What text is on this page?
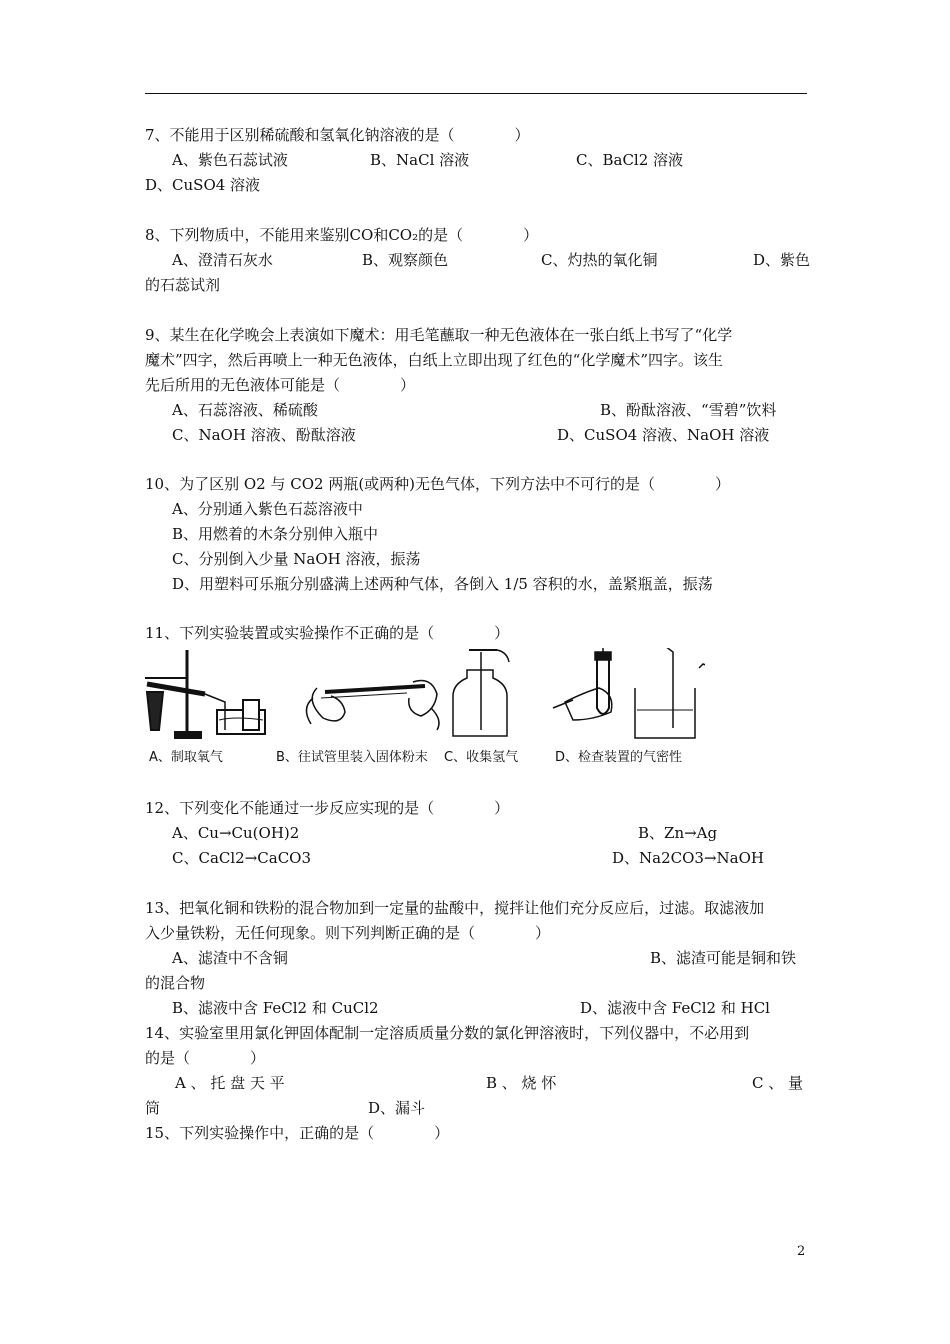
7、不能用于区别稀硫酸和氢氧化钠溶液的是（　　　　）
A、紫色石蕊试液	B、NaCl 溶液	C、BaCl2 溶液
D、CuSO4 溶液
8、下列物质中，不能用来鉴别CO和CO₂的是（　　　　）
A、澄清石灰水	B、观察颜色	C、灼热的氧化铜	D、紫色
的石蕊试剂
9、某生在化学晚会上表演如下魔术：用毛笔蘸取一种无色液体在一张白纸上书写了“化学
魔术”四字，然后再喷上一种无色液体，白纸上立即出现了红色的“化学魔术”四字。该生
先后所用的无色液体可能是（　　　　）
A、石蕊溶液、稀硫酸	B、酚酞溶液、“雪碧”饮料
C、NaOH 溶液、酚酞溶液	D、CuSO4 溶液、NaOH 溶液
10、为了区别 O2 与 CO2 两瓶(或两种)无色气体，下列方法中不可行的是（　　　　）
A、分别通入紫色石蕊溶液中
B、用燃着的木条分别伸入瓶中
C、分别倒入少量 NaOH 溶液，振荡
D、用塑料可乐瓶分别盛满上述两种气体，各倒入 1/5 容积的水，盖紧瓶盖，振荡
11、下列实验装置或实验操作不正确的是（　　　　）
A、制取氧气	B、往试管里装入固体粉末 C、收集氢气	D、检查装置的气密性
12、下列变化不能通过一步反应实现的是（　　　　）
A、Cu→Cu(OH)2	B、Zn→Ag
C、CaCl2→CaCO3	D、Na2CO3→NaOH
13、把氧化铜和铁粉的混合物加到一定量的盐酸中，搅拌让他们充分反应后，过滤。取滤液加
入少量铁粉，无任何现象。则下列判断正确的是（　　　　）
A、滤渣中不含铜	B、滤渣可能是铜和铁
的混合物
B、滤液中含 FeCl2 和 CuCl2	D、滤液中含 FeCl2 和 HCl
14、实验室里用氯化钾固体配制一定溶质质量分数的氯化钾溶液时，下列仪器中，不必用到
的是（　　　　）
A 、 托 盘 天 平	B 、 烧 怀	C 、 量
筒	D、漏斗
15、下列实验操作中，正确的是（　　　　）
2
